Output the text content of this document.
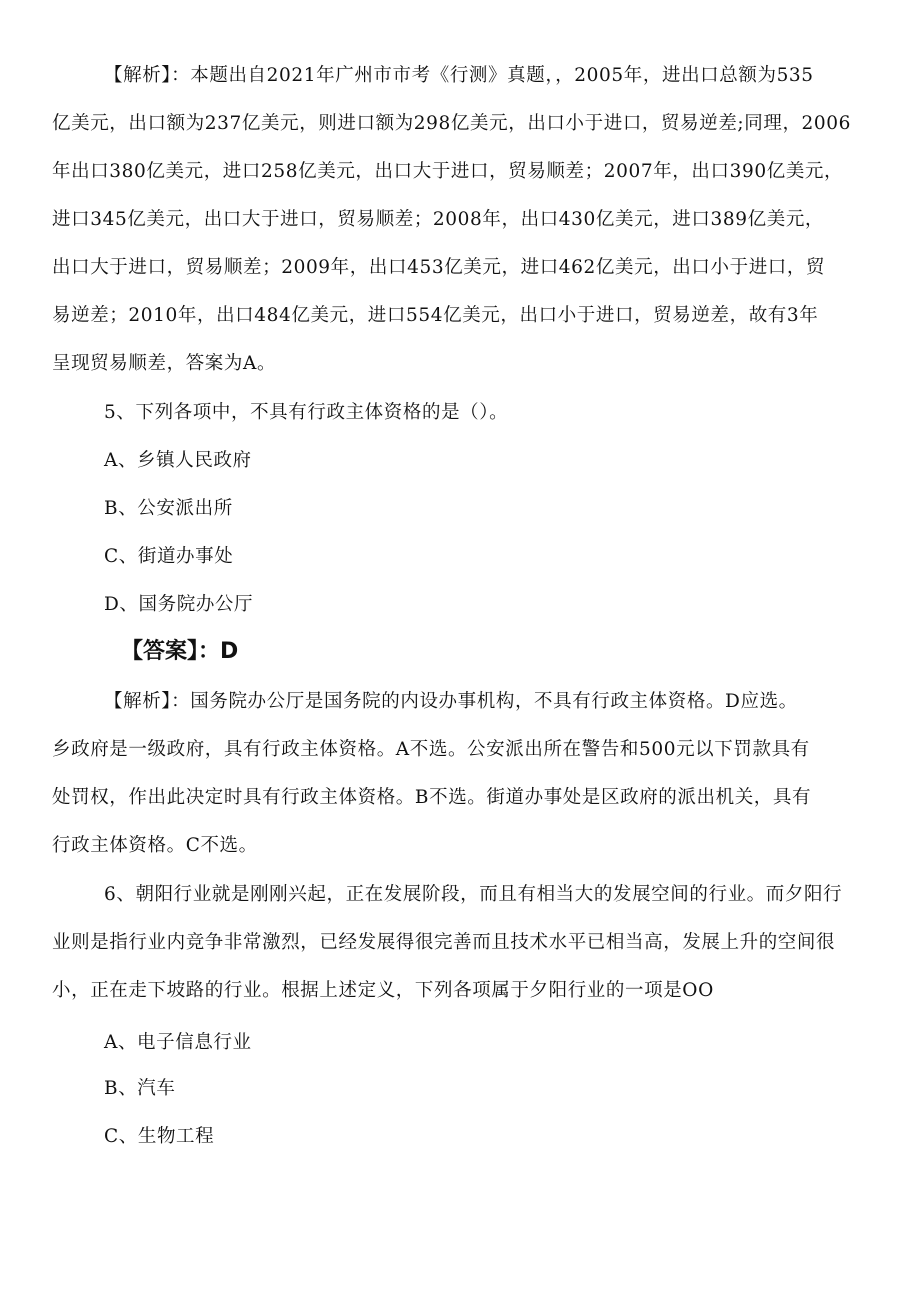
【解析】：本题出自2021年广州市市考《行测》真题，，2005年，进出口总额为535
亿美元，出口额为237亿美元，则进口额为298亿美元，出口小于进口，贸易逆差;同理，2006
年出口380亿美元，进口258亿美元，出口大于进口，贸易顺差；2007年，出口390亿美元，
进口345亿美元，出口大于进口，贸易顺差；2008年，出口430亿美元，进口389亿美元，
出口大于进口，贸易顺差；2009年，出口453亿美元，进口462亿美元，出口小于进口，贸
易逆差；2010年，出口484亿美元，进口554亿美元，出口小于进口，贸易逆差，故有3年
呈现贸易顺差，答案为A。
5、下列各项中，不具有行政主体资格的是（）。
A、乡镇人民政府
B、公安派出所
C、街道办事处
D、国务院办公厅
【答案】：D
【解析】：国务院办公厅是国务院的内设办事机构，不具有行政主体资格。D应选。
乡政府是一级政府，具有行政主体资格。A不选。公安派出所在警告和500元以下罚款具有
处罚权，作出此决定时具有行政主体资格。B不选。街道办事处是区政府的派出机关，具有
行政主体资格。C不选。
6、朝阳行业就是刚刚兴起，正在发展阶段，而且有相当大的发展空间的行业。而夕阳行
业则是指行业内竞争非常激烈，已经发展得很完善而且技术水平已相当高，发展上升的空间很
小，正在走下坡路的行业。根据上述定义，下列各项属于夕阳行业的一项是OO
A、电子信息行业
B、汽车
C、生物工程
